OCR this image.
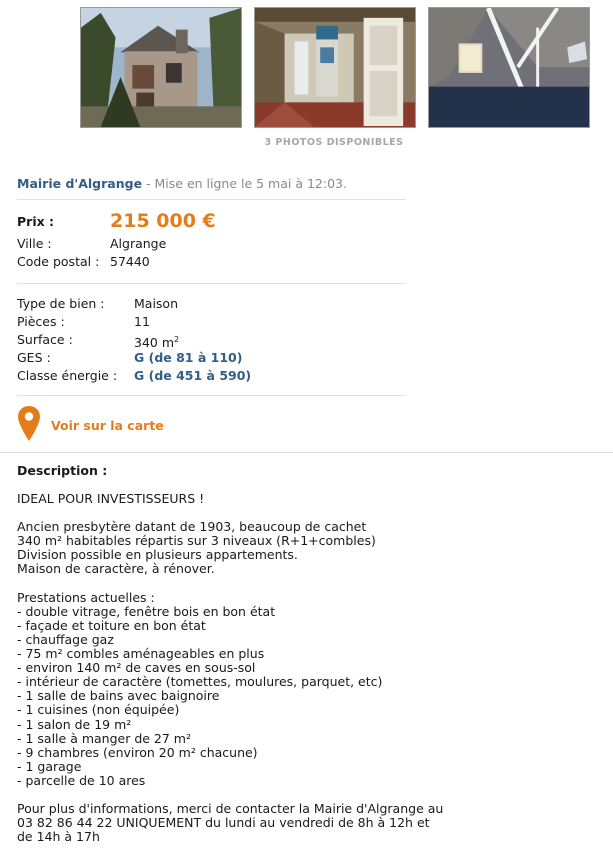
3 PHOTOS DISPONIBLES
Mairie d'Algrange - Mise en ligne le 5 mai à 12:03.
Prix :	215 000 €
Ville :	Algrange
Code postal : 57440
Type de bien :	Maison
Pièces :	11
Surface :	340 $m^2$
GES :	G (de 81 à 110)
Classe énergie :	G (de 451 à 590)
Voir sur la carte
Description :
IDEAL POUR INVESTISSEURS !

Ancien presbytère datant de 1903, beaucoup de cachet
340 m² habitables répartis sur 3 niveaux (R+1+combles)
Division possible en plusieurs appartements.
Maison de caractère, à rénover.

Prestations actuelles :
- double vitrage, fenêtre bois en bon état
- façade et toiture en bon état
- chauffage gaz
- 75 m² combles aménageables en plus
- environ 140 m² de caves en sous-sol
- intérieur de caractère (tomettes, moulures, parquet, etc)
- 1 salle de bains avec baignoire
- 1 cuisines (non équipée)
- 1 salon de 19 m²
- 1 salle à manger de 27 m²
- 9 chambres (environ 20 m² chacune)
- 1 garage
- parcelle de 10 ares

Pour plus d'informations, merci de contacter la Mairie d'Algrange au
03 82 86 44 22 UNIQUEMENT du lundi au vendredi de 8h à 12h et
de 14h à 17h
